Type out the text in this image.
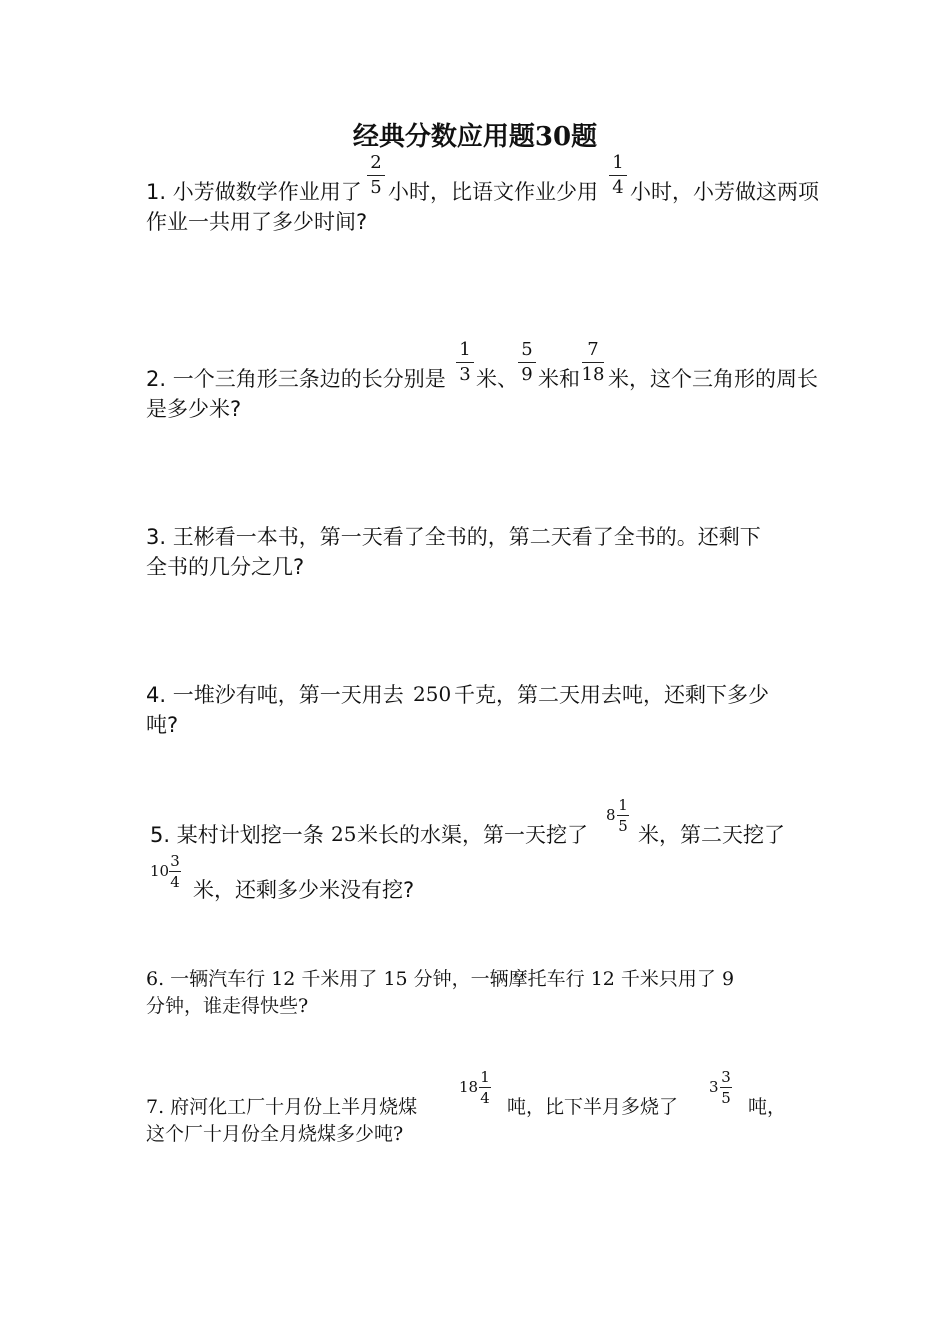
经典分数应用题30题
1. 小芳做数学作业用了
2
5 小时，比语文作业少用
1
4 小时，小芳做这两项
作业一共用了多少时间?
2. 一个三角形三条边的长分别是
1
3 米、
5
9 米和
7
18 米，这个三角形的周长
是多少米?
3. 王彬看一本书，第一天看了全书的，第二天看了全书的。还剩下
全书的几分之几?
4. 一堆沙有吨，第一天用去 250 千克，第二天用去吨，还剩下多少
吨?
5. 某村计划挖一条 25 米长的水渠，第一天挖了
8
1
5 米，第二天挖了
10
3
4 米，还剩多少米没有挖?
6. 一辆汽车行 12 千米用了 15 分钟，一辆摩托车行 12 千米只用了 9
分钟，谁走得快些?
7. 府河化工厂十月份上半月烧煤
18
1
4 吨，比下半月多烧了
3
3
5 吨，
这个厂十月份全月烧煤多少吨?
